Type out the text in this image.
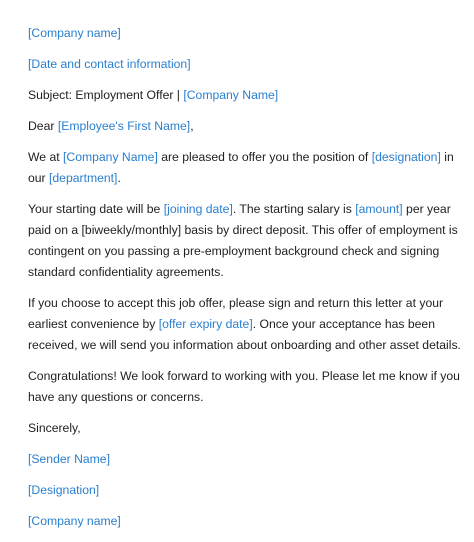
[Company name]

[Date and contact information]

Subject: Employment Offer | [Company Name]

Dear [Employee's First Name],

We at [Company Name] are pleased to offer you the position of [designation] in our [department].

Your starting date will be [joining date]. The starting salary is [amount] per year paid on a [biweekly/monthly] basis by direct deposit. This offer of employment is contingent on you passing a pre-employment background check and signing standard confidentiality agreements.

If you choose to accept this job offer, please sign and return this letter at your earliest convenience by [offer expiry date]. Once your acceptance has been received, we will send you information about onboarding and other asset details.

Congratulations! We look forward to working with you. Please let me know if you have any questions or concerns.

Sincerely,

[Sender Name]

[Designation]

[Company name]
